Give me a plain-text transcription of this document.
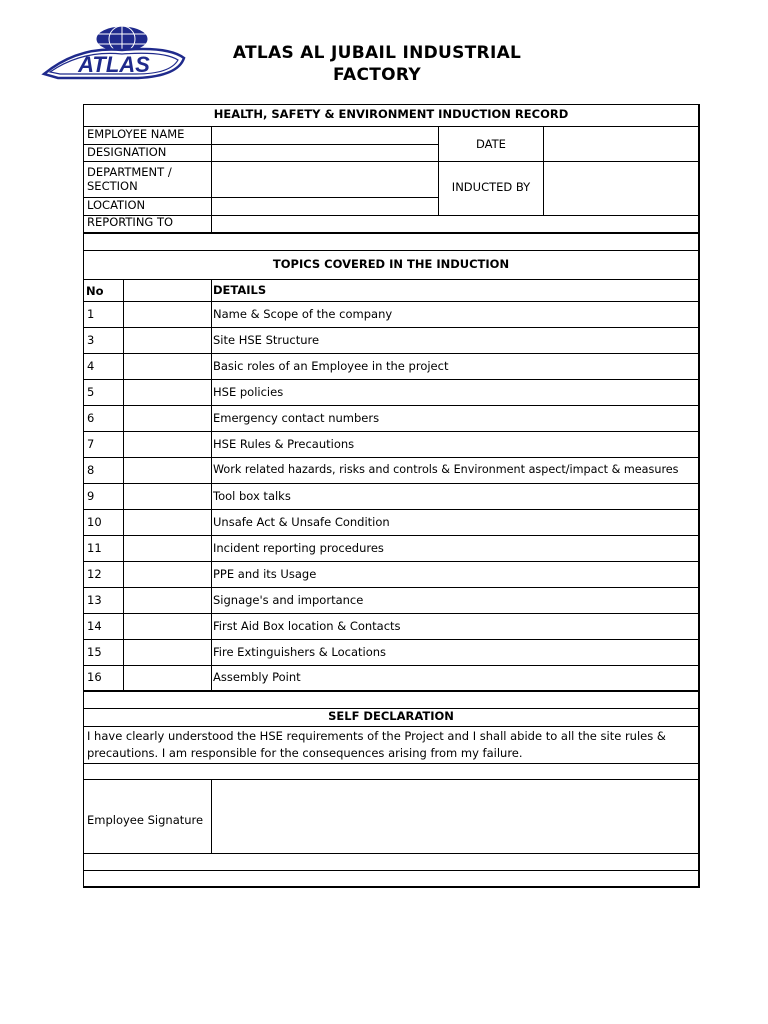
ATLAS	ATLAS AL JUBAIL INDUSTRIAL
FACTORY
HEALTH, SAFETY & ENVIRONMENT INDUCTION RECORD
EMPLOYEE NAME
DESIGNATION
DEPARTMENT /
SECTION
LOCATION
REPORTING TO
DATE
INDUCTED BY
TOPICS COVERED IN THE INDUCTION
No	DETAILS
1	Name & Scope of the company
3	Site HSE Structure
4	Basic roles of an Employee in the project
5	HSE policies
6	Emergency contact numbers
7	HSE Rules & Precautions
8	Work related hazards, risks and controls & Environment aspect/impact & measures
9	Tool box talks
10	Unsafe Act & Unsafe Condition
11	Incident reporting procedures
12	PPE and its Usage
13	Signage's and importance
14	First Aid Box location & Contacts
15	Fire Extinguishers & Locations
16	Assembly Point
SELF DECLARATION
I have clearly understood the HSE requirements of the Project and I shall abide to all the site rules &
precautions. I am responsible for the consequences arising from my failure.
Employee Signature
